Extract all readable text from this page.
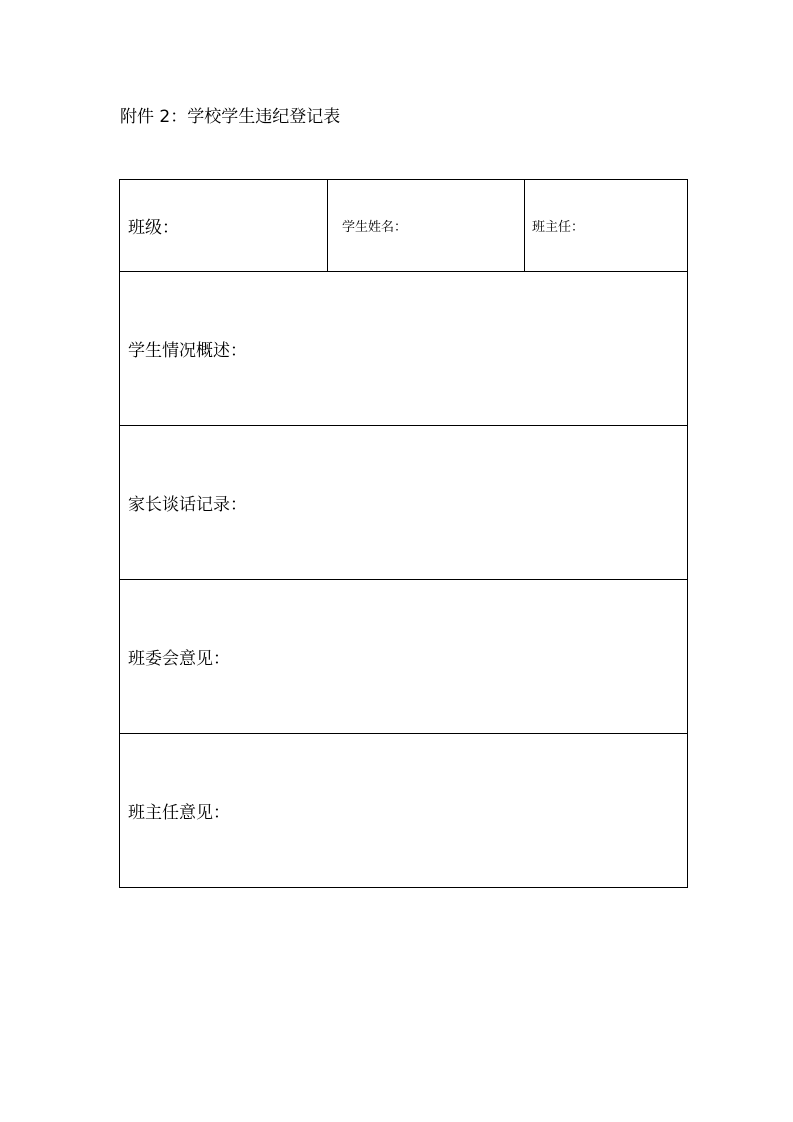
附件 2：学校学生违纪登记表
班级：	学生姓名：	班主任：

学生情况概述：

家长谈话记录：

班委会意见：

班主任意见：
